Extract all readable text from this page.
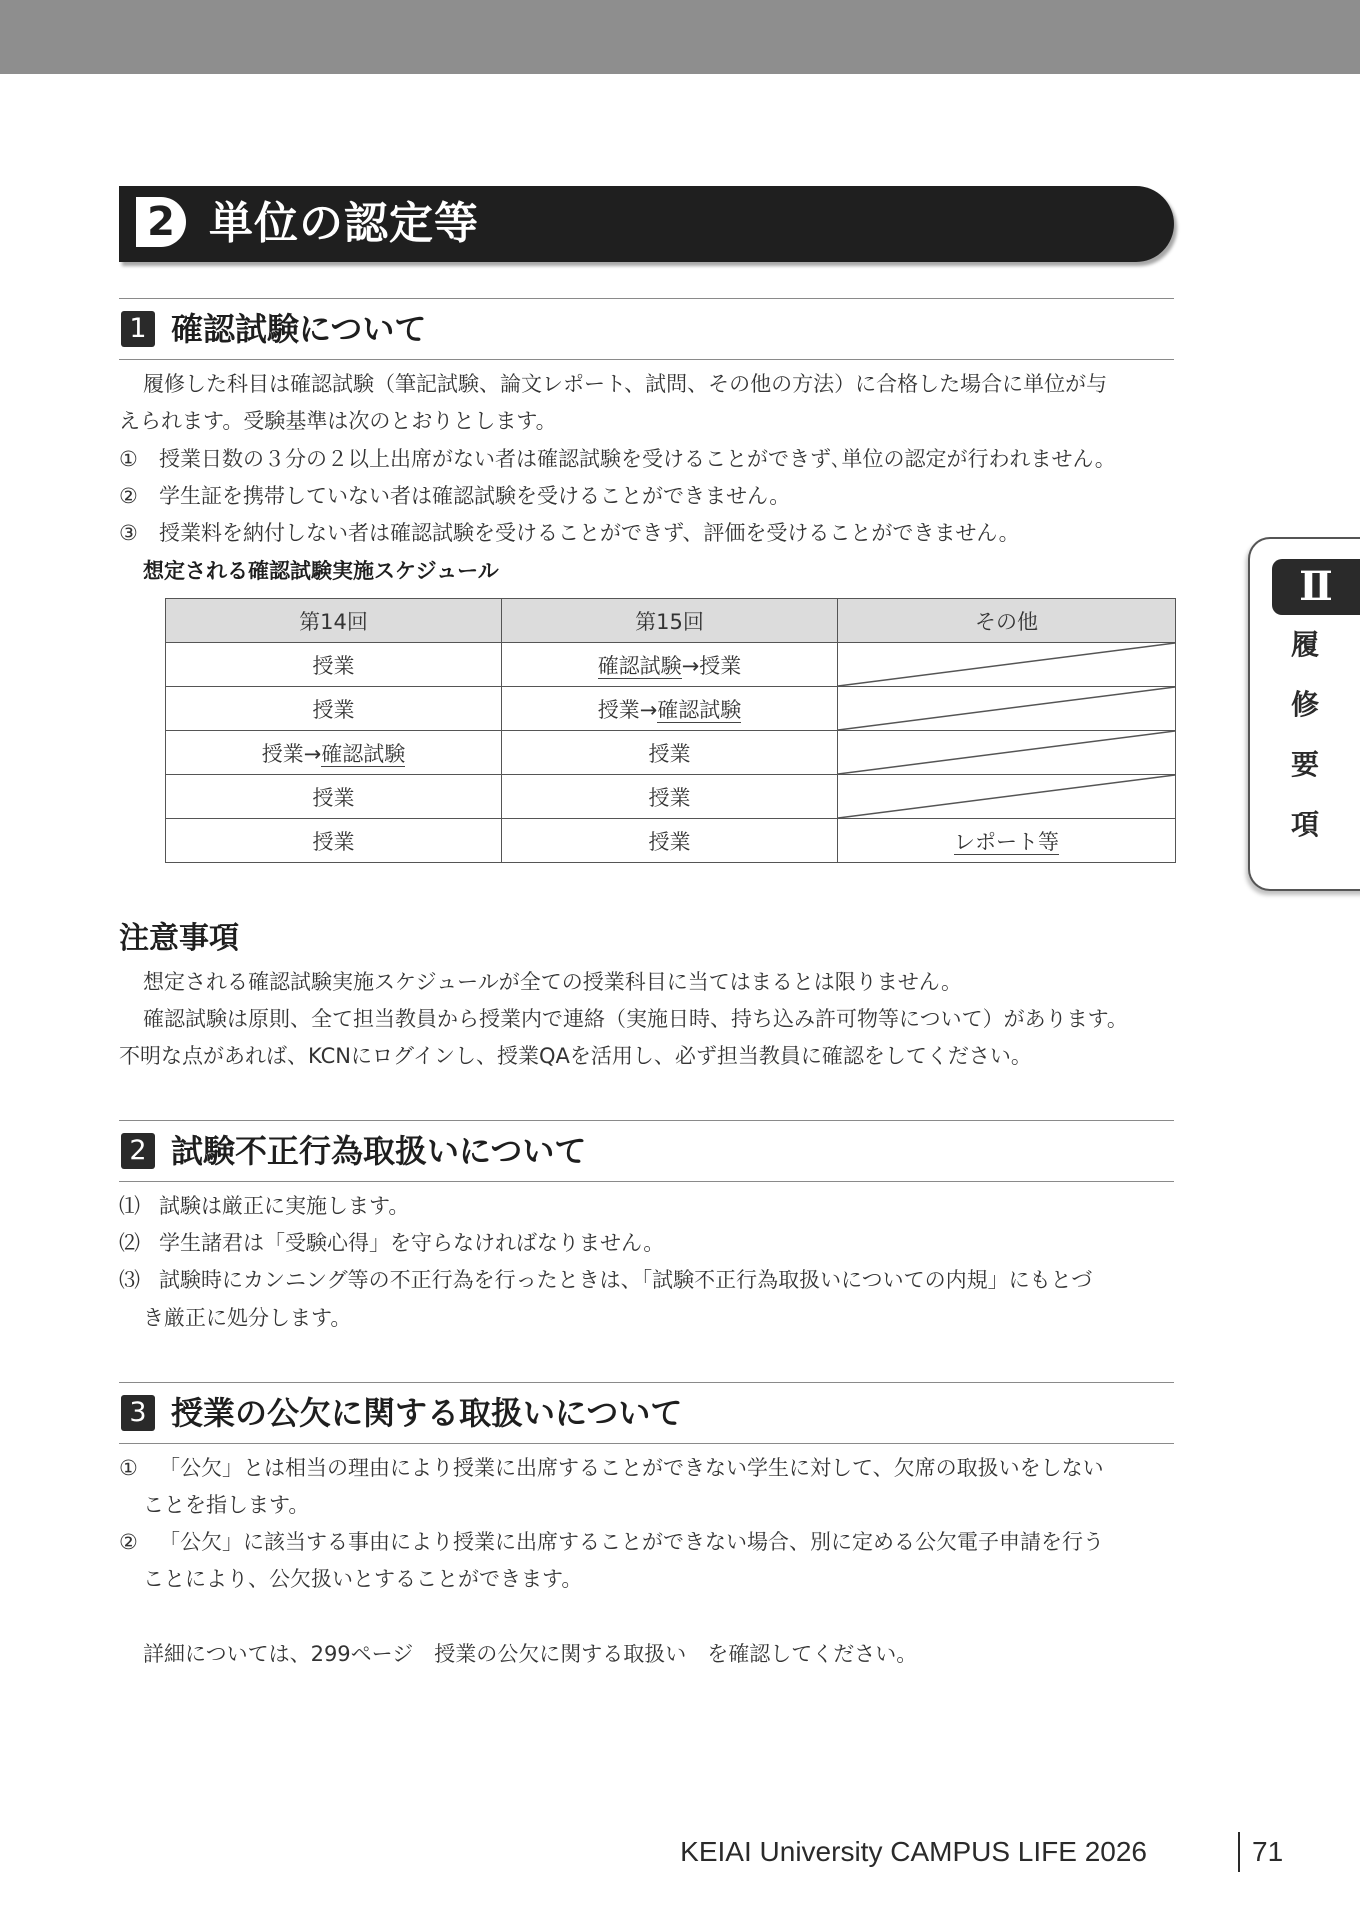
2 単位の認定等
1 確認試験について
履修した科目は確認試験（筆記試験、論文レポート、試問、その他の方法）に合格した場合に単位が与
えられます。受験基準は次のとおりとします。
① 授業日数の３分の２以上出席がない者は確認試験を受けることができず､単位の認定が行われません。
② 学生証を携帯していない者は確認試験を受けることができません。
③ 授業料を納付しない者は確認試験を受けることができず、評価を受けることができません。
想定される確認試験実施スケジュール
第14回	第15回	その他
授業	確認試験→授業	

授業	授業→確認試験	

授業→確認試験	授業	

授業	授業	

授業	授業	レポート等
注意事項
想定される確認試験実施スケジュールが全ての授業科目に当てはまるとは限りません。
確認試験は原則、全て担当教員から授業内で連絡（実施日時、持ち込み許可物等について）があります。
不明な点があれば、KCNにログインし、授業QAを活用し、必ず担当教員に確認をしてください。
2 試験不正行為取扱いについて
⑴ 試験は厳正に実施します。
⑵ 学生諸君は「受験心得」を守らなければなりません。
⑶ 試験時にカンニング等の不正行為を行ったときは、「試験不正行為取扱いについての内規」にもとづ
き厳正に処分します。
3 授業の公欠に関する取扱いについて
① 「公欠」とは相当の理由により授業に出席することができない学生に対して、欠席の取扱いをしない
ことを指します。
② 「公欠」に該当する事由により授業に出席することができない場合、別に定める公欠電子申請を行う
ことにより、公欠扱いとすることができます。
詳細については、299ページ　授業の公欠に関する取扱い　を確認してください。
Ⅱ
履
修
要
項
KEIAI University CAMPUS LIFE 2026	71
